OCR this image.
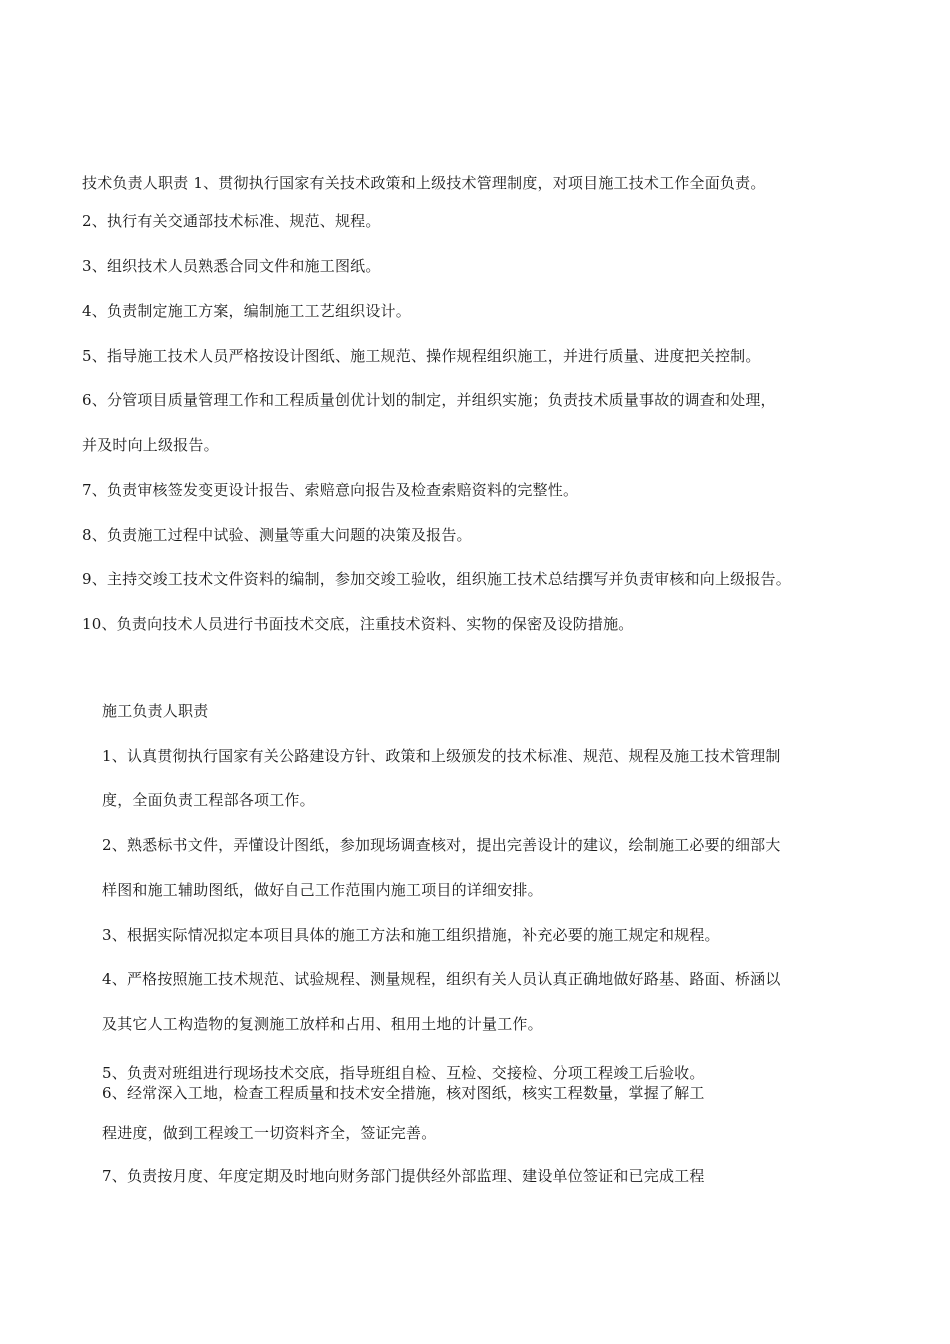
技术负责人职责 1、贯彻执行国家有关技术政策和上级技术管理制度，对项目施工技术工作全面负责。

2、执行有关交通部技术标准、规范、规程。

3、组织技术人员熟悉合同文件和施工图纸。

4、负责制定施工方案，编制施工工艺组织设计。

5、指导施工技术人员严格按设计图纸、施工规范、操作规程组织施工，并进行质量、进度把关控制。

6、分管项目质量管理工作和工程质量创优计划的制定，并组织实施；负责技术质量事故的调查和处理，

并及时向上级报告。

7、负责审核签发变更设计报告、索赔意向报告及检查索赔资料的完整性。

8、负责施工过程中试验、测量等重大问题的决策及报告。

9、主持交竣工技术文件资料的编制，参加交竣工验收，组织施工技术总结撰写并负责审核和向上级报告。

10、负责向技术人员进行书面技术交底，注重技术资料、实物的保密及设防措施。

施工负责人职责

1、认真贯彻执行国家有关公路建设方针、政策和上级颁发的技术标准、规范、规程及施工技术管理制

度，全面负责工程部各项工作。

2、熟悉标书文件，弄懂设计图纸，参加现场调查核对，提出完善设计的建议，绘制施工必要的细部大

样图和施工辅助图纸，做好自己工作范围内施工项目的详细安排。

3、根据实际情况拟定本项目具体的施工方法和施工组织措施，补充必要的施工规定和规程。

4、严格按照施工技术规范、试验规程、测量规程，组织有关人员认真正确地做好路基、路面、桥涵以

及其它人工构造物的复测施工放样和占用、租用土地的计量工作。

5、负责对班组进行现场技术交底，指导班组自检、互检、交接检、分项工程竣工后验收。

6、经常深入工地，检查工程质量和技术安全措施，核对图纸，核实工程数量，掌握了解工

程进度，做到工程竣工一切资料齐全，签证完善。

7、负责按月度、年度定期及时地向财务部门提供经外部监理、建设单位签证和已完成工程
